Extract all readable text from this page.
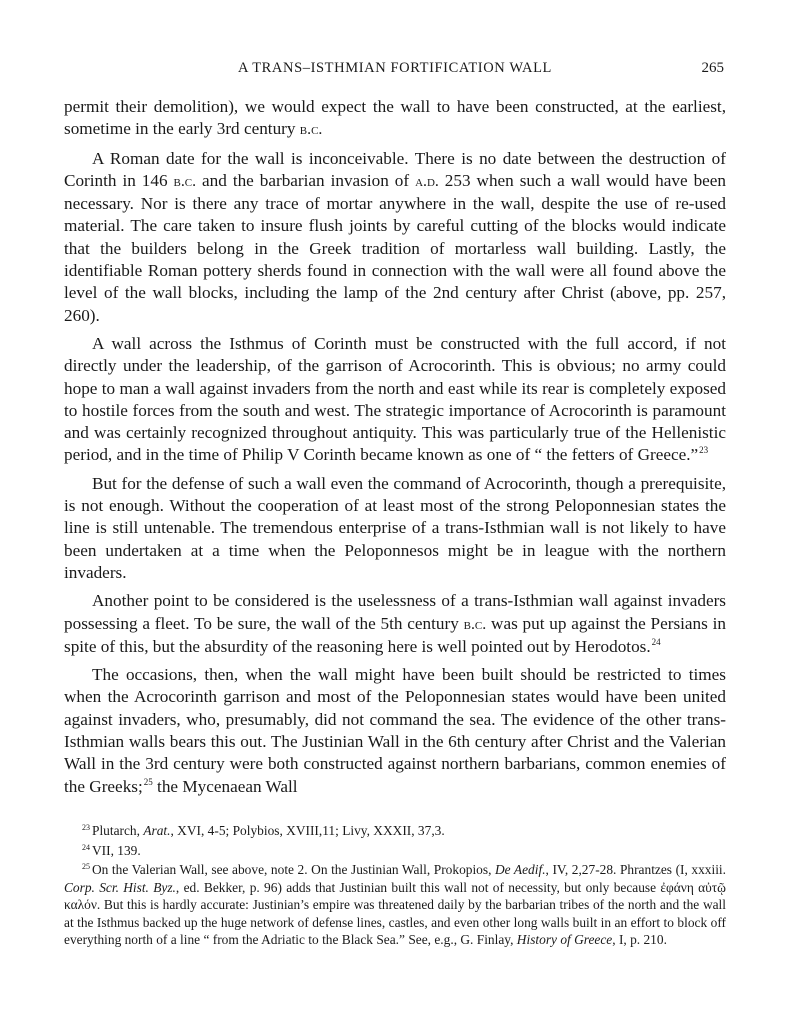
A TRANS–ISTHMIAN FORTIFICATION WALL	265

permit their demolition), we would expect the wall to have been constructed, at the earliest, sometime in the early 3rd century b.c.

A Roman date for the wall is inconceivable. There is no date between the destruction of Corinth in 146 b.c. and the barbarian invasion of a.d. 253 when such a wall would have been necessary. Nor is there any trace of mortar anywhere in the wall, despite the use of re-used material. The care taken to insure flush joints by careful cutting of the blocks would indicate that the builders belong in the Greek tradition of mortarless wall building. Lastly, the identifiable Roman pottery sherds found in connection with the wall were all found above the level of the wall blocks, including the lamp of the 2nd century after Christ (above, pp. 257, 260).

A wall across the Isthmus of Corinth must be constructed with the full accord, if not directly under the leadership, of the garrison of Acrocorinth. This is obvious; no army could hope to man a wall against invaders from the north and east while its rear is completely exposed to hostile forces from the south and west. The strategic importance of Acrocorinth is paramount and was certainly recognized throughout antiquity. This was particularly true of the Hellenistic period, and in the time of Philip V Corinth became known as one of “ the fetters of Greece.”$^{23}$

But for the defense of such a wall even the command of Acrocorinth, though a prerequisite, is not enough. Without the cooperation of at least most of the strong Peloponnesian states the line is still untenable. The tremendous enterprise of a trans-Isthmian wall is not likely to have been undertaken at a time when the Peloponnesos might be in league with the northern invaders.

Another point to be considered is the uselessness of a trans-Isthmian wall against invaders possessing a fleet. To be sure, the wall of the 5th century b.c. was put up against the Persians in spite of this, but the absurdity of the reasoning here is well pointed out by Herodotos.$^{24}$

The occasions, then, when the wall might have been built should be restricted to times when the Acrocorinth garrison and most of the Peloponnesian states would have been united against invaders, who, presumably, did not command the sea. The evidence of the other trans-Isthmian walls bears this out. The Justinian Wall in the 6th century after Christ and the Valerian Wall in the 3rd century were both constructed against northern barbarians, common enemies of the Greeks;$^{25}$ the Mycenaean Wall

$^{23}$ Plutarch, Arat., XVI, 4-5; Polybios, XVIII,11; Livy, XXXII, 37,3.

$^{24}$ VII, 139.

$^{25}$ On the Valerian Wall, see above, note 2. On the Justinian Wall, Prokopios, De Aedif., IV, 2,27-28. Phrantzes (I, xxxiii. Corp. Scr. Hist. Byz., ed. Bekker, p. 96) adds that Justinian built this wall not of necessity, but only because ἐφάνη αὐτῷ καλόν. But this is hardly accurate: Justinian’s empire was threatened daily by the barbarian tribes of the north and the wall at the Isthmus backed up the huge network of defense lines, castles, and even other long walls built in an effort to block off everything north of a line “ from the Adriatic to the Black Sea.” See, e.g., G. Finlay, History of Greece, I, p. 210.
